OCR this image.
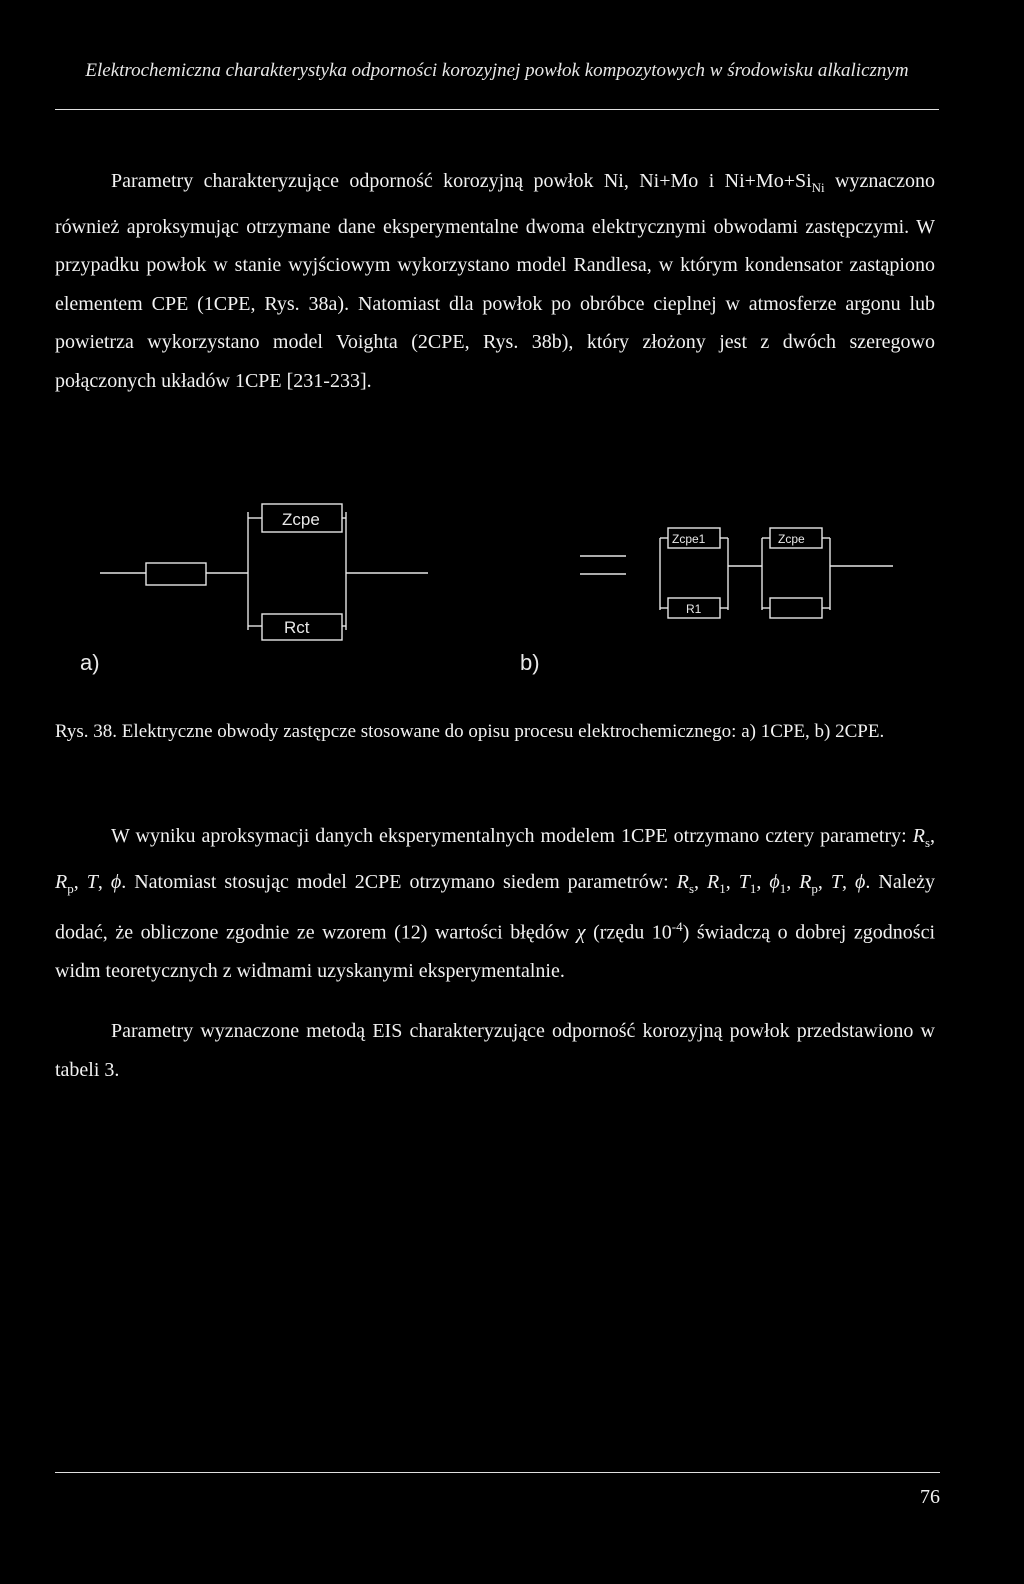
Elektrochemiczna charakterystyka odporności korozyjnej powłok kompozytowych w środowisku alkalicznym

Parametry charakteryzujące odporność korozyjną powłok Ni, Ni+Mo i $Ni+Mo+Si_{Ni}$ wyznaczono również aproksymując otrzymane dane eksperymentalne dwoma elektrycznymi obwodami zastępczymi. W przypadku powłok w stanie wyjściowym wykorzystano model Randlesa, w którym kondensator zastąpiono elementem CPE (1CPE, Rys. 38a). Natomiast dla powłok po obróbce cieplnej w atmosferze argonu lub powietrza wykorzystano model Voighta (2CPE, Rys. 38b), który złożony jest z dwóch szeregowo połączonych układów 1CPE [231-233].

Zcpe
Rct
Zcpe1
R1
Zcpe
a)	b)

Rys. 38. Elektryczne obwody zastępcze stosowane do opisu procesu elektrochemicznego: a) 1CPE, b) 2CPE.

W wyniku aproksymacji danych eksperymentalnych modelem 1CPE otrzymano cztery parametry: $R_s$, $R_p$, T, ϕ. Natomiast stosując model 2CPE otrzymano siedem parametrów: $R_s$, $R_1$, $T_1$, $\phi_1$, $R_p$, T, ϕ. Należy dodać, że obliczone zgodnie ze wzorem (12) wartości błędów χ (rzędu $10^{-4}$) świadczą o dobrej zgodności widm teoretycznych z widmami uzyskanymi eksperymentalnie.

Parametry wyznaczone metodą EIS charakteryzujące odporność korozyjną powłok przedstawiono w tabeli 3.

76
